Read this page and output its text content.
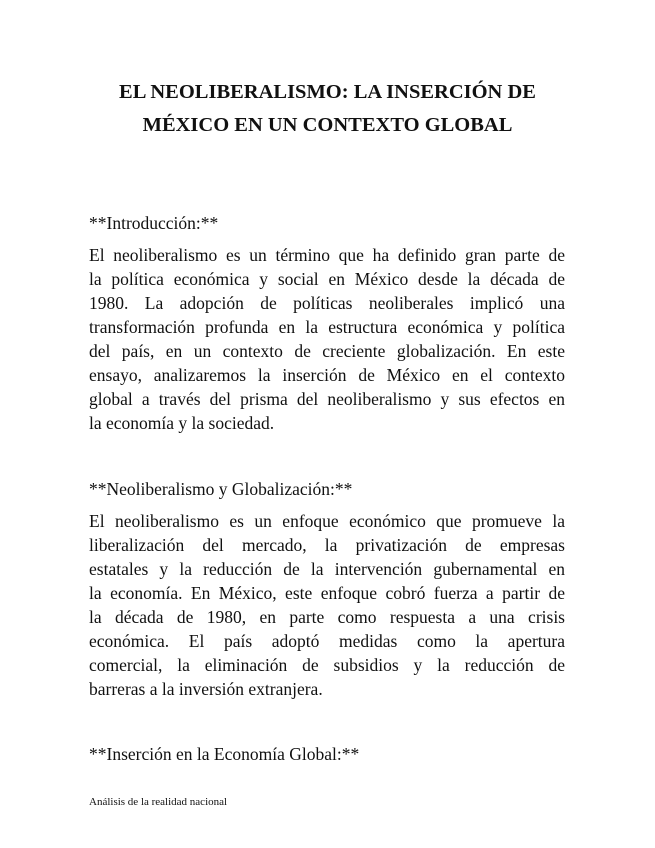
EL NEOLIBERALISMO: LA INSERCIÓN DE
MÉXICO EN UN CONTEXTO GLOBAL
**Introducción:**
El neoliberalismo es un término que ha definido gran parte de
la política económica y social en México desde la década de
1980. La adopción de políticas neoliberales implicó una
transformación profunda en la estructura económica y política
del país, en un contexto de creciente globalización. En este
ensayo, analizaremos la inserción de México en el contexto
global a través del prisma del neoliberalismo y sus efectos en
la economía y la sociedad.
**Neoliberalismo y Globalización:**
El neoliberalismo es un enfoque económico que promueve la
liberalización del mercado, la privatización de empresas
estatales y la reducción de la intervención gubernamental en
la economía. En México, este enfoque cobró fuerza a partir de
la década de 1980, en parte como respuesta a una crisis
económica. El país adoptó medidas como la apertura
comercial, la eliminación de subsidios y la reducción de
barreras a la inversión extranjera.
**Inserción en la Economía Global:**
Análisis de la realidad nacional
